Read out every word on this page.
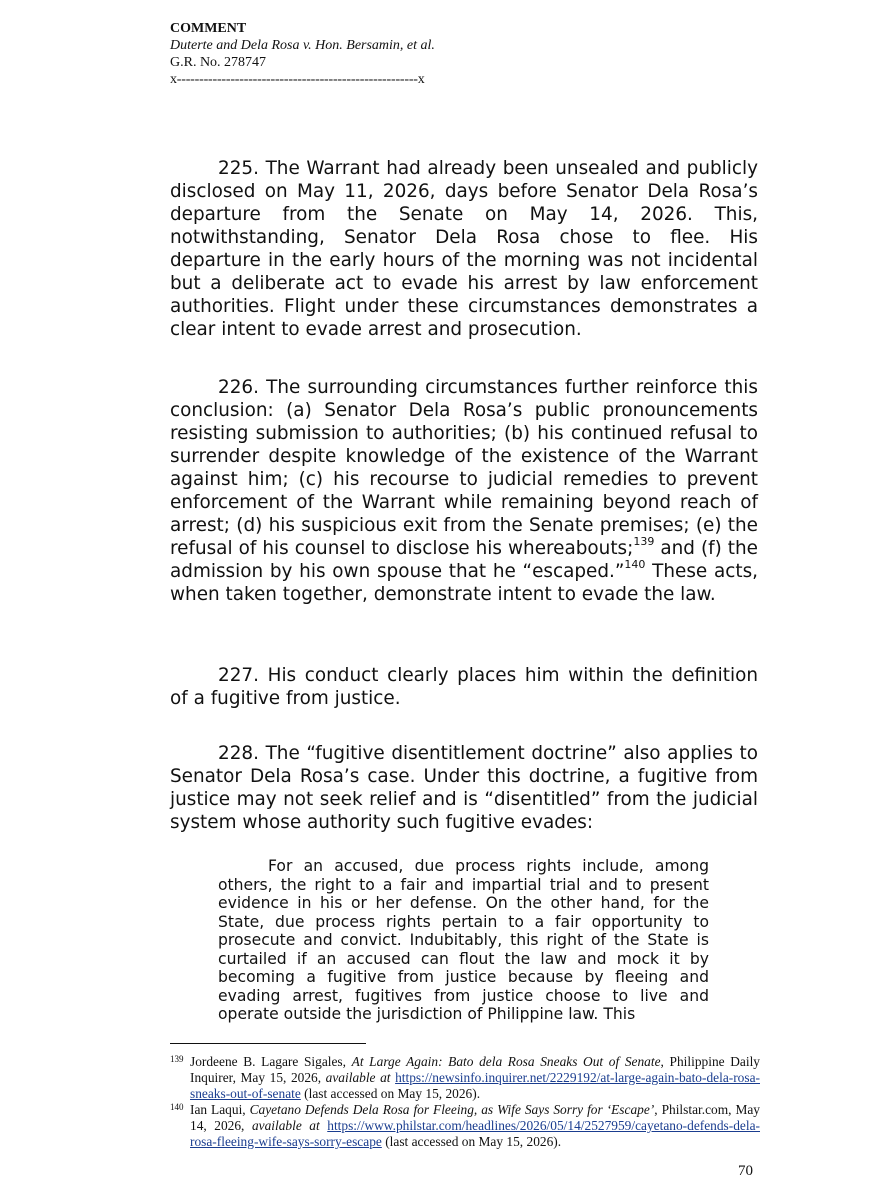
COMMENT
Duterte and Dela Rosa v. Hon. Bersamin, et al.
G.R. No. 278747
x------------------------------------------------------x

225. The Warrant had already been unsealed and publicly disclosed on May 11, 2026, days before Senator Dela Rosa’s departure from the Senate on May 14, 2026. This, notwithstanding, Senator Dela Rosa chose to flee. His departure in the early hours of the morning was not incidental but a deliberate act to evade his arrest by law enforcement authorities. Flight under these circumstances demonstrates a clear intent to evade arrest and prosecution.

226. The surrounding circumstances further reinforce this conclusion: (a) Senator Dela Rosa’s public pronouncements resisting submission to authorities; (b) his continued refusal to surrender despite knowledge of the existence of the Warrant against him; (c) his recourse to judicial remedies to prevent enforcement of the Warrant while remaining beyond reach of arrest; (d) his suspicious exit from the Senate premises; (e) the refusal of his counsel to disclose his whereabouts;$^{139}$ and (f) the admission by his own spouse that he “escaped.”$^{140}$ These acts, when taken together, demonstrate intent to evade the law.

227. His conduct clearly places him within the definition of a fugitive from justice.

228. The “fugitive disentitlement doctrine” also applies to Senator Dela Rosa’s case. Under this doctrine, a fugitive from justice may not seek relief and is “disentitled” from the judicial system whose authority such fugitive evades:

For an accused, due process rights include, among others, the right to a fair and impartial trial and to present evidence in his or her defense. On the other hand, for the State, due process rights pertain to a fair opportunity to prosecute and convict. Indubitably, this right of the State is curtailed if an accused can flout the law and mock it by becoming a fugitive from justice because by fleeing and evading arrest, fugitives from justice choose to live and operate outside the jurisdiction of Philippine law. This

139 Jordeene B. Lagare Sigales, At Large Again: Bato dela Rosa Sneaks Out of Senate, Philippine Daily Inquirer, May 15, 2026, available at https://newsinfo.inquirer.net/2229192/at-large-again-bato-dela-rosa-sneaks-out-of-senate (last accessed on May 15, 2026).

140 Ian Laqui, Cayetano Defends Dela Rosa for Fleeing, as Wife Says Sorry for ‘Escape’, Philstar.com, May 14, 2026, available at https://www.philstar.com/headlines/2026/05/14/2527959/cayetano-defends-dela-rosa-fleeing-wife-says-sorry-escape (last accessed on May 15, 2026).

70
